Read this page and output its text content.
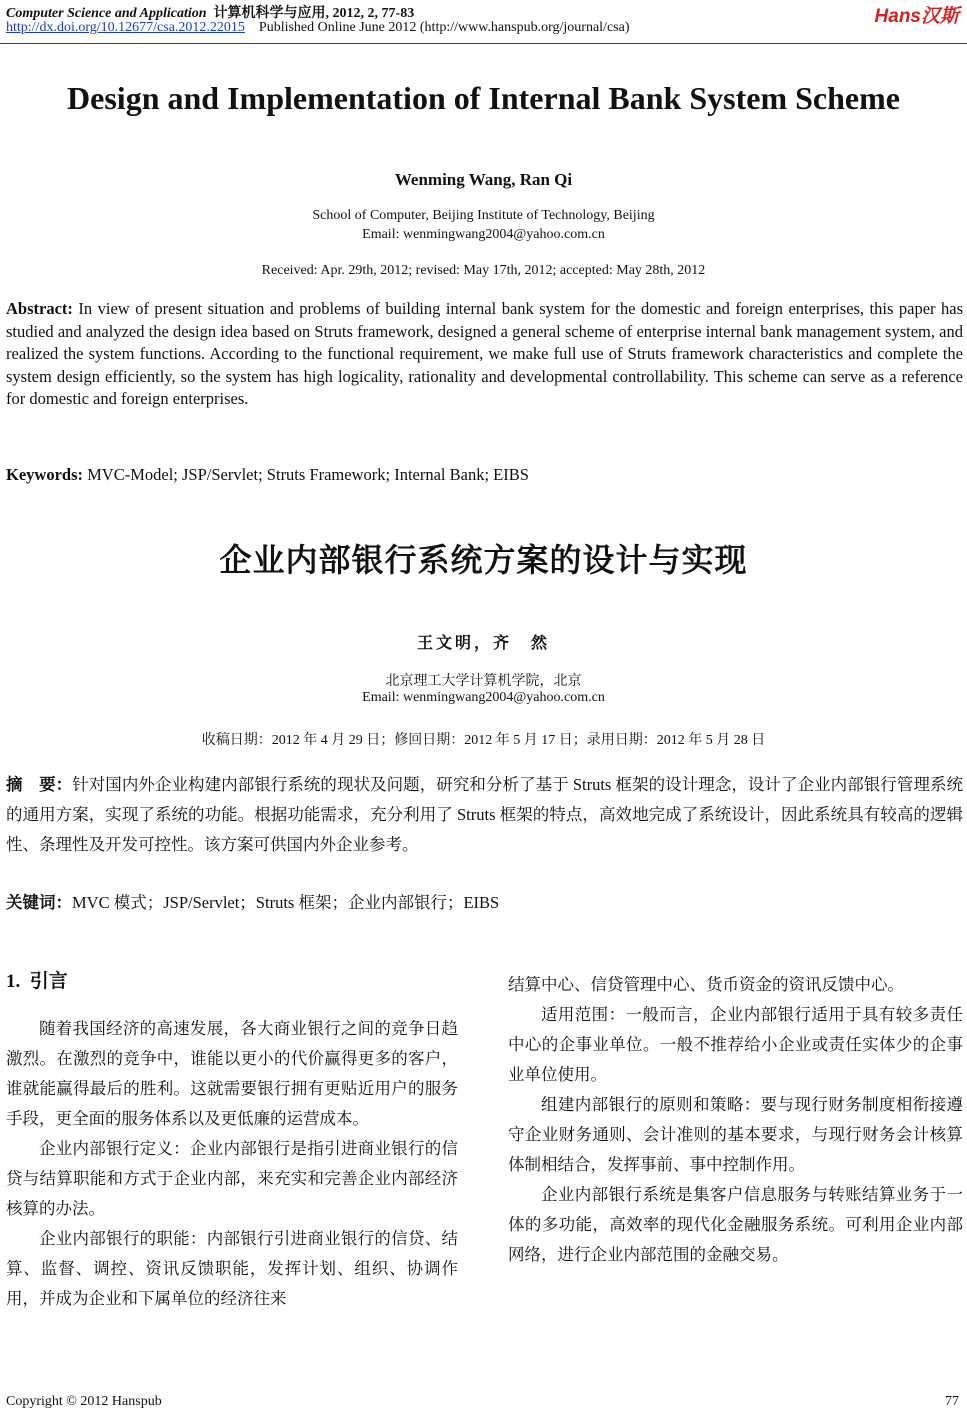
Computer Science and Application 计算机科学与应用, 2012, 2, 77-83
http://dx.doi.org/10.12677/csa.2012.22015 Published Online June 2012 (http://www.hanspub.org/journal/csa)
Hans汉斯
Design and Implementation of Internal Bank System Scheme
Wenming Wang, Ran Qi
School of Computer, Beijing Institute of Technology, Beijing
Email: wenmingwang2004@yahoo.com.cn
Received: Apr. 29th, 2012; revised: May 17th, 2012; accepted: May 28th, 2012
Abstract: In view of present situation and problems of building internal bank system for the domestic and foreign enterprises, this paper has studied and analyzed the design idea based on Struts framework, designed a general scheme of enterprise internal bank management system, and realized the system functions. According to the functional requirement, we make full use of Struts framework characteristics and complete the system design efficiently, so the system has high logicality, rationality and developmental controllability. This scheme can serve as a reference for domestic and foreign enterprises.
Keywords: MVC-Model; JSP/Servlet; Struts Framework; Internal Bank; EIBS
企业内部银行系统方案的设计与实现
王文明，齐　然
北京理工大学计算机学院，北京
Email: wenmingwang2004@yahoo.com.cn
收稿日期：2012 年 4 月 29 日；修回日期：2012 年 5 月 17 日；录用日期：2012 年 5 月 28 日
摘　要：针对国内外企业构建内部银行系统的现状及问题，研究和分析了基于 Struts 框架的设计理念，设计了企业内部银行管理系统的通用方案，实现了系统的功能。根据功能需求，充分利用了 Struts 框架的特点，高效地完成了系统设计，因此系统具有较高的逻辑性、条理性及开发可控性。该方案可供国内外企业参考。
关键词：MVC 模式；JSP/Servlet；Struts 框架；企业内部银行；EIBS
1. 引言

随着我国经济的高速发展，各大商业银行之间的竞争日趋激烈。在激烈的竞争中，谁能以更小的代价赢得更多的客户，谁就能赢得最后的胜利。这就需要银行拥有更贴近用户的服务手段，更全面的服务体系以及更低廉的运营成本。

企业内部银行定义：企业内部银行是指引进商业银行的信贷与结算职能和方式于企业内部，来充实和完善企业内部经济核算的办法。

企业内部银行的职能：内部银行引进商业银行的信贷、结算、监督、调控、资讯反馈职能，发挥计划、组织、协调作用，并成为企业和下属单位的经济往来

结算中心、信贷管理中心、货币资金的资讯反馈中心。

适用范围：一般而言，企业内部银行适用于具有较多责任中心的企事业单位。一般不推荐给小企业或责任实体少的企事业单位使用。

组建内部银行的原则和策略：要与现行财务制度相衔接遵守企业财务通则、会计准则的基本要求，与现行财务会计核算体制相结合，发挥事前、事中控制作用。

企业内部银行系统是集客户信息服务与转账结算业务于一体的多功能，高效率的现代化金融服务系统。可利用企业内部网络，进行企业内部范围的金融交易。

Copyright © 2012 Hanspub	77
